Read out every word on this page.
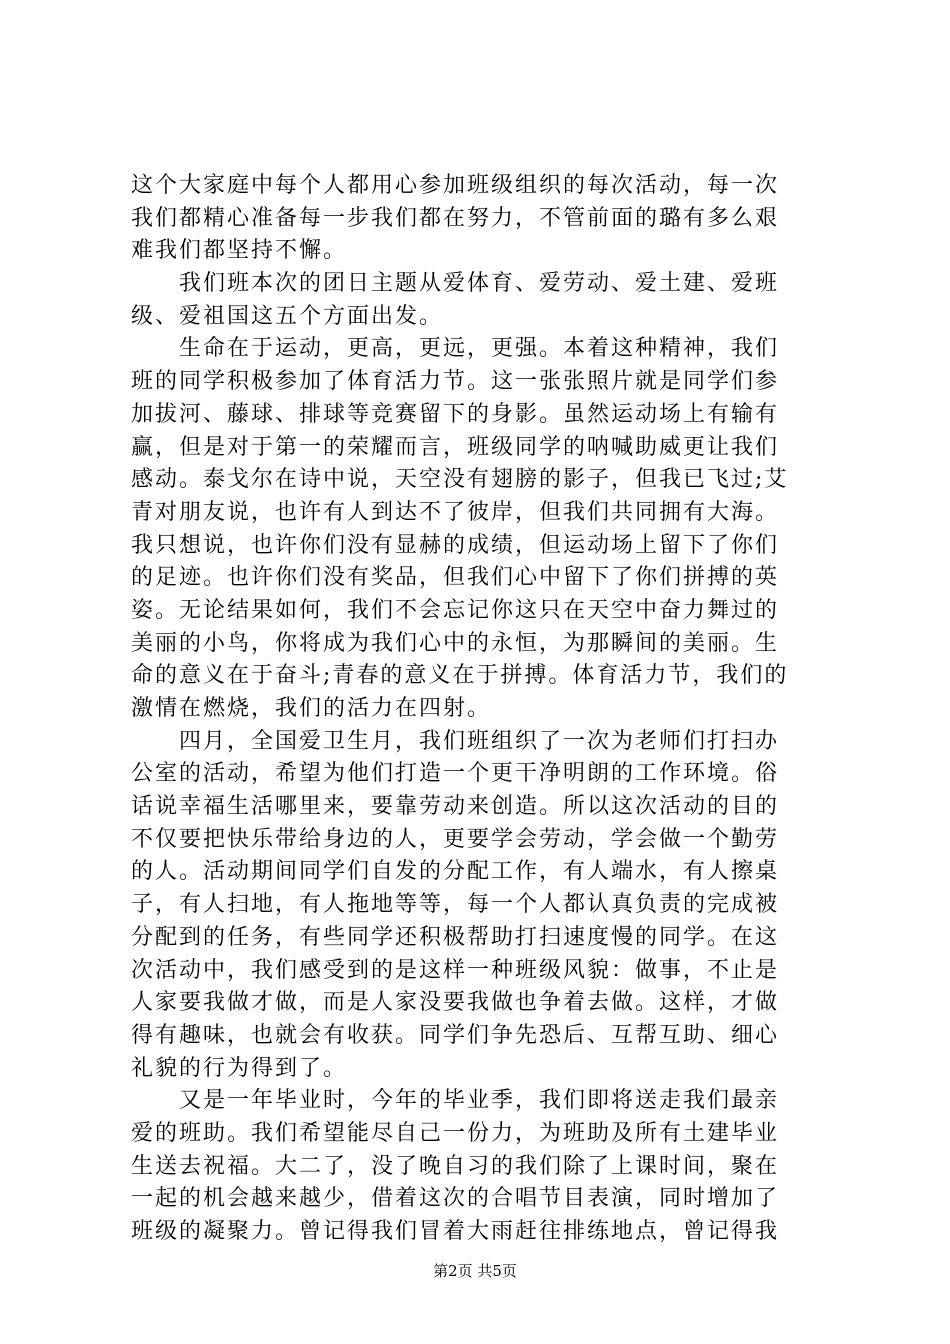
这个大家庭中每个人都用心参加班级组织的每次活动，每一次
我们都精心准备每一步我们都在努力，不管前面的璐有多么艰
难我们都坚持不懈。
我们班本次的团日主题从爱体育、爱劳动、爱土建、爱班
级、爱祖国这五个方面出发。
生命在于运动，更高，更远，更强。本着这种精神，我们
班的同学积极参加了体育活力节。这一张张照片就是同学们参
加拔河、藤球、排球等竞赛留下的身影。虽然运动场上有输有
赢，但是对于第一的荣耀而言，班级同学的呐喊助威更让我们
感动。泰戈尔在诗中说，天空没有翅膀的影子，但我已飞过;艾
青对朋友说，也许有人到达不了彼岸，但我们共同拥有大海。
我只想说，也许你们没有显赫的成绩，但运动场上留下了你们
的足迹。也许你们没有奖品，但我们心中留下了你们拼搏的英
姿。无论结果如何，我们不会忘记你这只在天空中奋力舞过的
美丽的小鸟，你将成为我们心中的永恒，为那瞬间的美丽。生
命的意义在于奋斗;青春的意义在于拼搏。体育活力节，我们的
激情在燃烧，我们的活力在四射。
四月，全国爱卫生月，我们班组织了一次为老师们打扫办
公室的活动，希望为他们打造一个更干净明朗的工作环境。俗
话说幸福生活哪里来，要靠劳动来创造。所以这次活动的目的
不仅要把快乐带给身边的人，更要学会劳动，学会做一个勤劳
的人。活动期间同学们自发的分配工作，有人端水，有人擦桌
子，有人扫地，有人拖地等等，每一个人都认真负责的完成被
分配到的任务，有些同学还积极帮助打扫速度慢的同学。在这
次活动中，我们感受到的是这样一种班级风貌：做事，不止是
人家要我做才做，而是人家没要我做也争着去做。这样，才做
得有趣味，也就会有收获。同学们争先恐后、互帮互助、细心
礼貌的行为得到了。
又是一年毕业时，今年的毕业季，我们即将送走我们最亲
爱的班助。我们希望能尽自己一份力，为班助及所有土建毕业
生送去祝福。大二了，没了晚自习的我们除了上课时间，聚在
一起的机会越来越少，借着这次的合唱节目表演，同时增加了
班级的凝聚力。曾记得我们冒着大雨赶往排练地点，曾记得我
第2页 共5页
